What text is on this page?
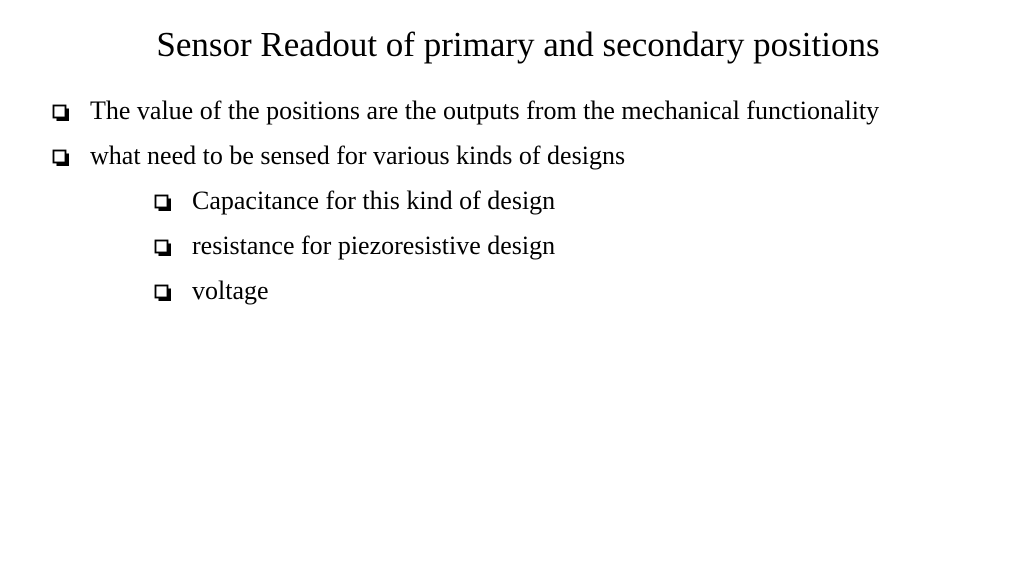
Sensor Readout of primary and secondary positions
The value of the positions are the outputs from the mechanical functionality
what need to be sensed for various kinds of designs
Capacitance for this kind of design
resistance for piezoresistive design
voltage
